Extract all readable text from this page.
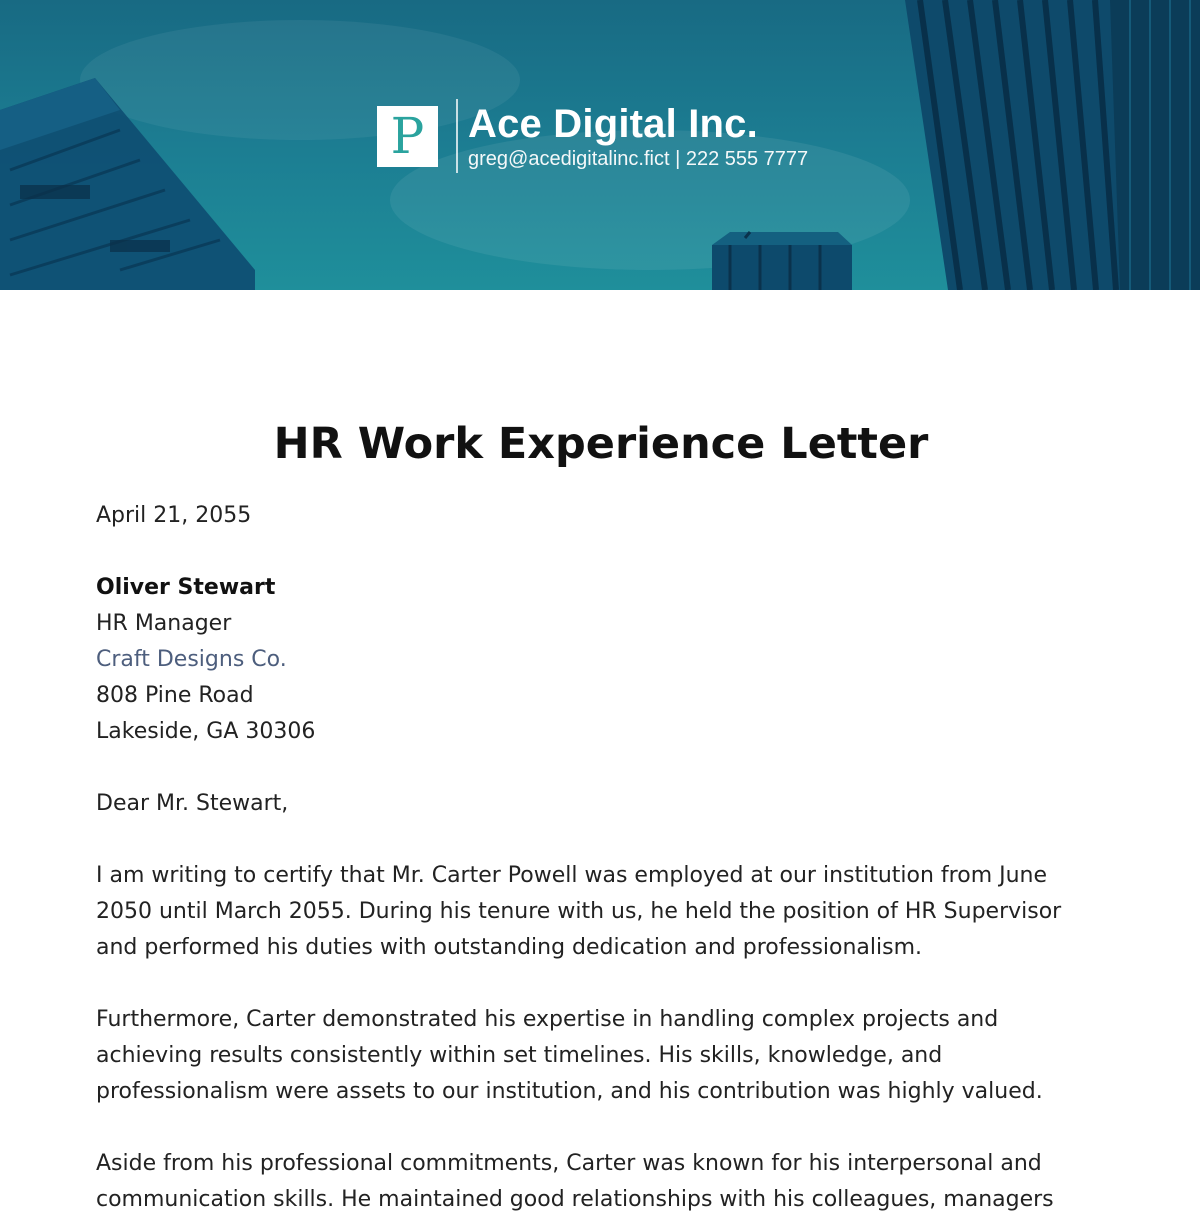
P Ace Digital Inc.
greg@acedigitalinc.fict | 222 555 7777
HR Work Experience Letter
April 21, 2055
Oliver Stewart
HR Manager
Craft Designs Co.
808 Pine Road
Lakeside, GA 30306
Dear Mr. Stewart,
I am writing to certify that Mr. Carter Powell was employed at our institution from June 2050 until March 2055. During his tenure with us, he held the position of HR Supervisor and performed his duties with outstanding dedication and professionalism.
Furthermore, Carter demonstrated his expertise in handling complex projects and achieving results consistently within set timelines. His skills, knowledge, and professionalism were assets to our institution, and his contribution was highly valued.
Aside from his professional commitments, Carter was known for his interpersonal and communication skills. He maintained good relationships with his colleagues, managers
